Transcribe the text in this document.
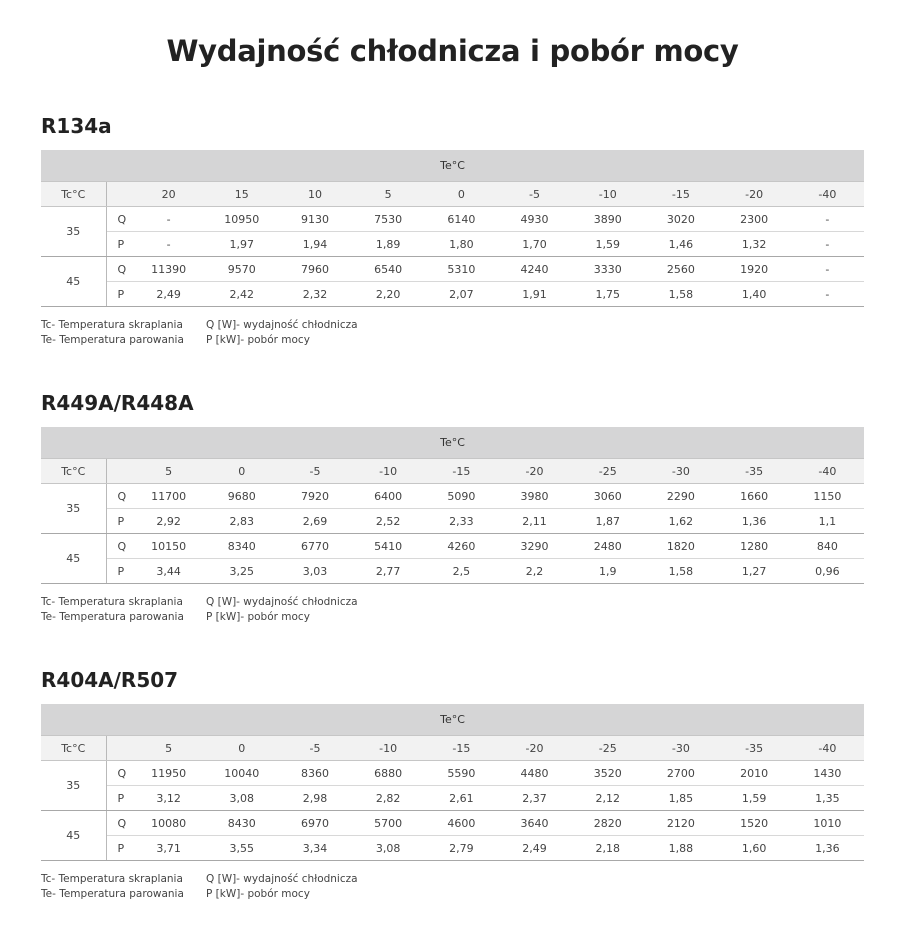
Wydajność chłodnicza i pobór mocy
R134a
Te°C											
Tc°C		20	15	10	5	0	-5	-10	-15	-20	-40
35	Q	-	10950	9130	7530	6140	4930	3890	3020	2300	-
	P	-	1,97	1,94	1,89	1,80	1,70	1,59	1,46	1,32	-
45	Q	11390	9570	7960	6540	5310	4240	3330	2560	1920	-
	P	2,49	2,42	2,32	2,20	2,07	1,91	1,75	1,58	1,40	-
Tc- Temperatura skraplania	Q [W]- wydajność chłodnicza
Te- Temperatura parowania	P [kW]- pobór mocy
R449A/R448A
Te°C											
Tc°C		5	0	-5	-10	-15	-20	-25	-30	-35	-40
35	Q	11700	9680	7920	6400	5090	3980	3060	2290	1660	1150
	P	2,92	2,83	2,69	2,52	2,33	2,11	1,87	1,62	1,36	1,1
45	Q	10150	8340	6770	5410	4260	3290	2480	1820	1280	840
	P	3,44	3,25	3,03	2,77	2,5	2,2	1,9	1,58	1,27	0,96
Tc- Temperatura skraplania	Q [W]- wydajność chłodnicza
Te- Temperatura parowania	P [kW]- pobór mocy
R404A/R507
Te°C											
Tc°C		5	0	-5	-10	-15	-20	-25	-30	-35	-40
35	Q	11950	10040	8360	6880	5590	4480	3520	2700	2010	1430
	P	3,12	3,08	2,98	2,82	2,61	2,37	2,12	1,85	1,59	1,35
45	Q	10080	8430	6970	5700	4600	3640	2820	2120	1520	1010
	P	3,71	3,55	3,34	3,08	2,79	2,49	2,18	1,88	1,60	1,36
Tc- Temperatura skraplania	Q [W]- wydajność chłodnicza
Te- Temperatura parowania	P [kW]- pobór mocy
